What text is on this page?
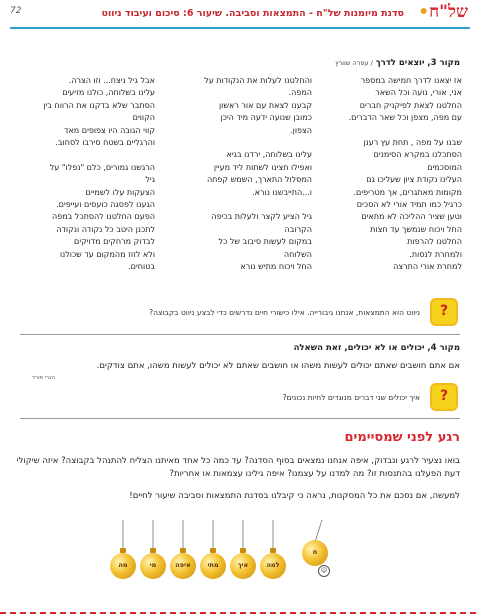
72	של"ח•
סדנת מיומנות של"ח - התמצאות וסביבה. שיעור 6: סיכום ועיבוד ניווט
מקור 3, יוצאים לדרך / עפרה שוורץ
אז יצאנו לדרך חמישה במספר
אני, אורי, נועה וכל השאר
החלטנו לצאת לפיקניק חברים
עם מפה, מצפן וכל שאר הדברים.
שבנו על מפה , תחת עץ רענן
הסתכלנו במקרא הסימנים
המוסכמים
העלינו נקודת ציון שעליכו גם
מקומות מאתגרים, אך מטריפים.
כרגיל כמו תמיד אורי לא הסכים
וטען שציר ההליכה לא מתאים
החל ויכוח שנמשך עד חצות
החלטנו להרפות
ולמחרת לנסות.
למחרת אורי התרצה
והחלטנו לעלות את הנקודות על
המפה.
קבענו לצאת עם אור ראשון
כמובן שנועה ידעה מיד היכן
הצפון.
עלינו בשלוחה, ירדנו בגיא
ואפילו חצינו לשתות ליד מעיין
המסלול התארך, השמש קפחה
ו...התייבשנו נורא.
גיל הציע לקצר ולעלות בכיפה
הקרובה
במקום לעשות סיבוב של כל
השלוחה
החל ויכוח מתיש נורא
אבל גיל ניצח... וזו הצרה.
עלינו בשלוחה, כולנו מזיעים
הסתבר שלא בדקנו את הרווח בין
הקווים
קווי הגובה היו צפופים מאד
והרגליים בשטח סירבו לסחוב.
הרגשנו גמורים, כלם "נפלו" על
גיל
הצעקות עלו לשמיים
הגענו לפסגה כועסים ועייפים.
הפעם החלטנו להסתכל במפה
לתכנן היטב כל נקודה ונקודה
לבדוק מרחקים מדויקים
ולא לזוז מהמקום עד שכולנו
בטוחים.
?
ניווט הוא התמצאות, אנחנו גיבורייה. אילו כישורי חיים נדרשים כדי לבצע ניווט בקבוצה?
מקור 4, יכולים או לא יכולים, זאת השאלה
אם אתם חושבים שאתם יכולים לעשות משהו או חושבים שאתם לא יכולים לעשות משהו, אתם צודקים.
הנרי פורד
?
איך יכולים שני דברים מנוגדים לחיות נכונים?
רגע לפני שמסיימים
בואו נצעיר לרגע ונבדוק, איפה אנחנו נמצאים בסוף הסדנה? עד כמה כל אחד מאיתנו הצליח להתנהל בקבוצה? איזה שיקולי דעת הפעלנו בהתנסות זו? מה למדנו על עצמנו? איפה גילינו עצמאות או אחריות?
למעשה, אם נסכם את כל המסקנות, נראה כי קיבלנו בסדנת התמצאות וסביבה שיעור לחיים!
מה	מי	איפה	מתי	איך	למה
ח
☺
